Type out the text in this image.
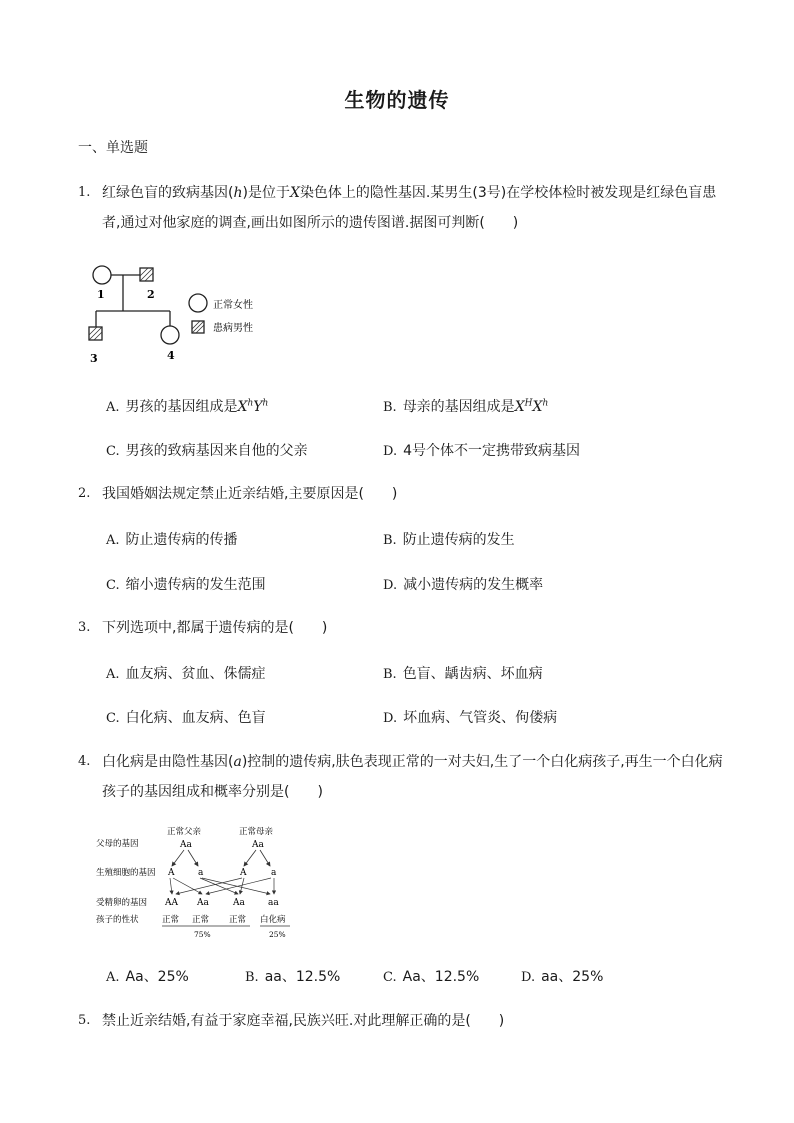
生物的遗传
一、单选题
1. 红绿色盲的致病基因(h)是位于X染色体上的隐性基因.某男生(3号)在学校体检时被发现是红绿色盲患
者,通过对他家庭的调查,画出如图所示的遗传图谱.据图可判断(　　)
1	2
3	4
正常女性
患病男性
A. 男孩的基因组成是$X^hY^h$	B. 母亲的基因组成是$X^HX^h$
C. 男孩的致病基因来自他的父亲	D. 4号个体不一定携带致病基因
2. 我国婚姻法规定禁止近亲结婚,主要原因是(　　)
A. 防止遗传病的传播	B. 防止遗传病的发生
C. 缩小遗传病的发生范围	D. 减小遗传病的发生概率
3. 下列选项中,都属于遗传病的是(　　)
A. 血友病、贫血、侏儒症	B. 色盲、龋齿病、坏血病
C. 白化病、血友病、色盲	D. 坏血病、气管炎、佝偻病
4. 白化病是由隐性基因(a)控制的遗传病,肤色表现正常的一对夫妇,生了一个白化病孩子,再生一个白化病
孩子的基因组成和概率分别是(　　)
父母的基因
生殖细胞的基因
受精卵的基因
孩子的性状
正常父亲	正常母亲
Aa	Aa
A	a	A	a
AA Aa	Aa	aa
正常 正常 正常 白化病
75%	25%
A. Aa、25%	B. aa、12.5%	C. Aa、12.5%	D. aa、25%
5. 禁止近亲结婚,有益于家庭幸福,民族兴旺.对此理解正确的是(　　)
